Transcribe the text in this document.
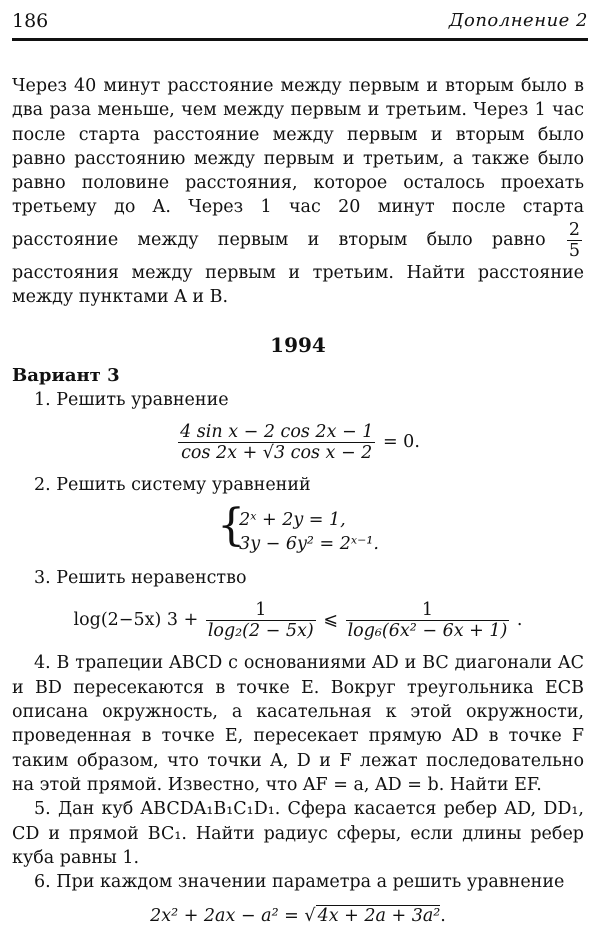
186	Дополнение 2
Через 40 минут расстояние между первым и вторым было в два раза меньше, чем между первым и третьим. Через 1 час после старта расстояние между первым и вторым было равно расстоянию между первым и третьим, а также было равно половине расстояния, которое осталось проехать третьему до A. Через 1 час 20 минут после старта расстояние между первым и вторым было равно $\frac{2}{5}$
расстояния между первым и третьим. Найти расстояние между пунктами A и B.
1994
Вариант 3
1. Решить уравнение
$\frac{\text{4 sin x − 2 cos 2x − 1}}{\text{cos 2x + √3 cos x − 2}} = 0$.
2. Решить систему уравнений
{
2ˣ + 2y = 1,
3y − 6y² = 2ˣ⁻¹.
3. Решить неравенство
log(2−5x) $3 + \frac{1}{\text{log₂(2 − 5x)}}$ ⩽ $\frac{1}{\text{log₆(6x² − 6x + 1)}}$ .
4. В трапеции ABCD с основаниями AD и BC диагонали AC и BD пересекаются в точке E. Вокруг треугольника ECB описана окружность, а касательная к этой окружности, проведенная в точке E, пересекает прямую AD в точке F таким образом, что точки A, D и F лежат последовательно на этой прямой. Известно, что AF = a, AD = b. Найти EF.
5. Дан куб ABCDA₁B₁C₁D₁. Сфера касается ребер AD, DD₁, CD и прямой BC₁. Найти радиус сферы, если длины ребер куба равны 1.
6. При каждом значении параметра a решить уравнение
2x² + 2ax − a² = √ 4x + 2a + 3a².
